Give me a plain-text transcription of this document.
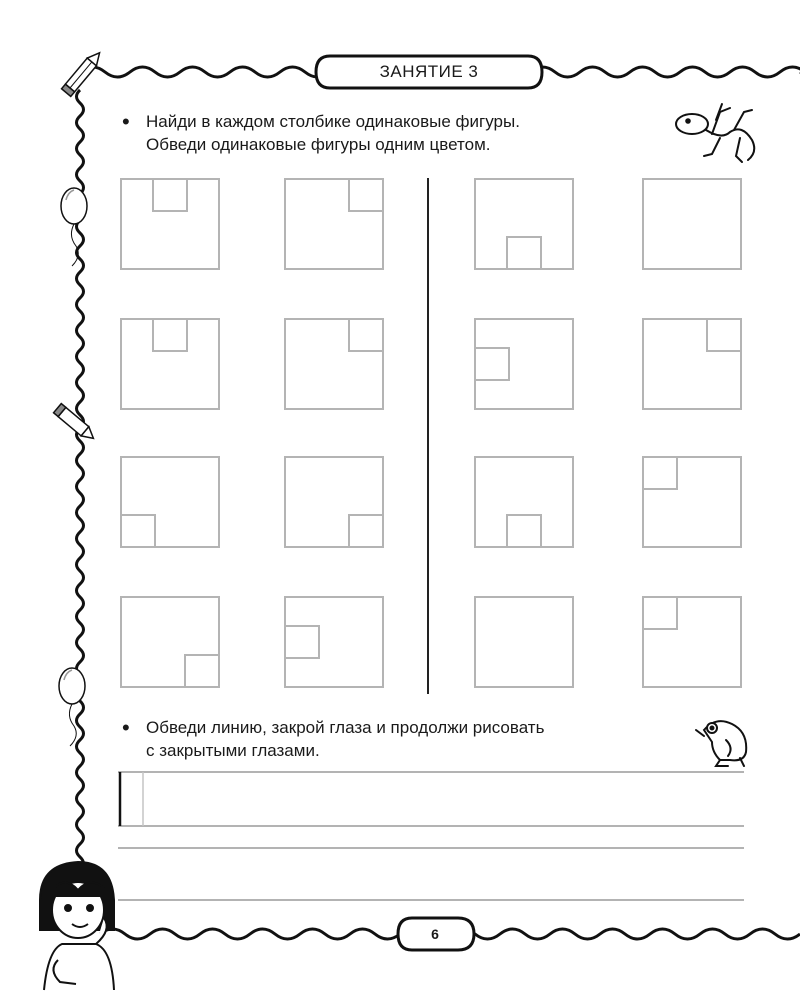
ЗАНЯТИЕ 3
• Найди в каждом столбике одинаковые фигуры.
Обведи одинаковые фигуры одним цветом.
• Обведи линию, закрой глаза и продолжи рисовать
с закрытыми глазами.
6
